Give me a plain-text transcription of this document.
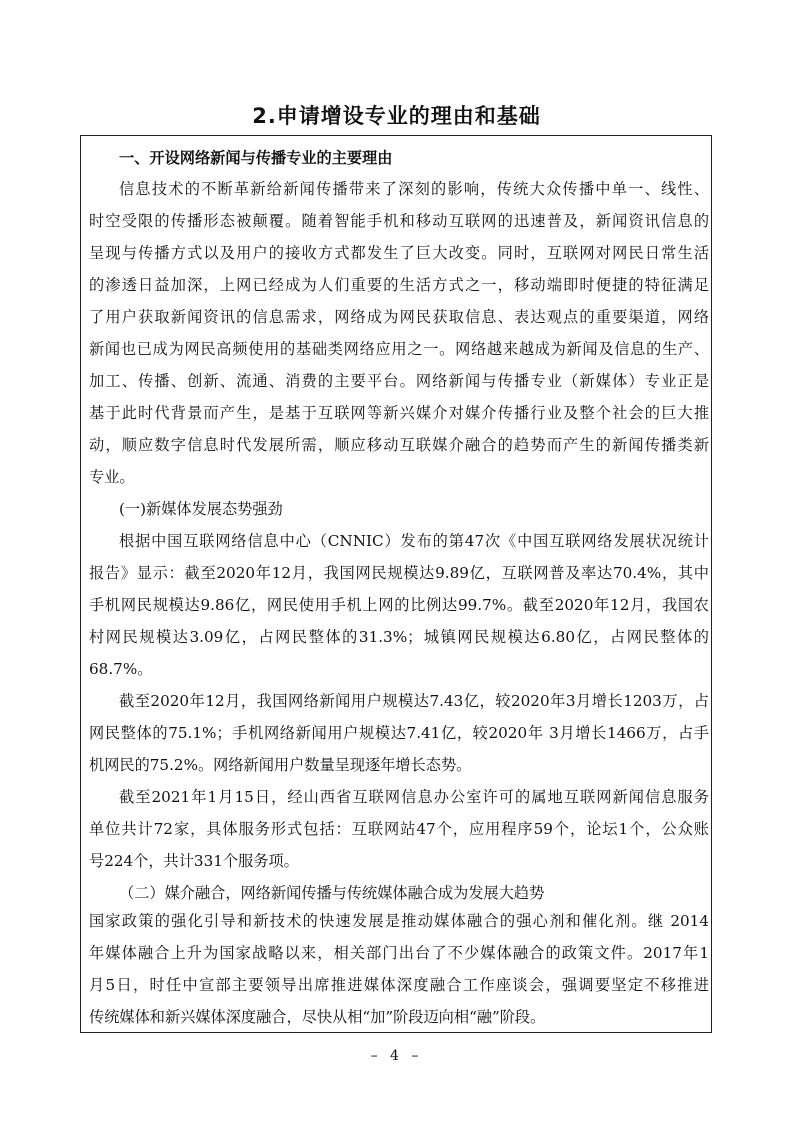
2.申请增设专业的理由和基础
一、开设网络新闻与传播专业的主要理由
信息技术的不断革新给新闻传播带来了深刻的影响，传统大众传播中单一、线性、
时空受限的传播形态被颠覆。随着智能手机和移动互联网的迅速普及，新闻资讯信息的
呈现与传播方式以及用户的接收方式都发生了巨大改变。同时，互联网对网民日常生活
的渗透日益加深，上网已经成为人们重要的生活方式之一，移动端即时便捷的特征满足
了用户获取新闻资讯的信息需求，网络成为网民获取信息、表达观点的重要渠道，网络
新闻也已成为网民高频使用的基础类网络应用之一。网络越来越成为新闻及信息的生产、
加工、传播、创新、流通、消费的主要平台。网络新闻与传播专业（新媒体）专业正是
基于此时代背景而产生，是基于互联网等新兴媒介对媒介传播行业及整个社会的巨大推
动，顺应数字信息时代发展所需，顺应移动互联媒介融合的趋势而产生的新闻传播类新
专业。
(一)新媒体发展态势强劲
根据中国互联网络信息中心（CNNIC）发布的第47次《中国互联网络发展状况统计
报告》显示：截至2020年12月，我国网民规模达9.89亿，互联网普及率达70.4%，其中
手机网民规模达9.86亿，网民使用手机上网的比例达99.7%。截至2020年12月，我国农
村网民规模达3.09亿，占网民整体的31.3%；城镇网民规模达6.80亿，占网民整体的
68.7%。
截至2020年12月，我国网络新闻用户规模达7.43亿，较2020年3月增长1203万，占
网民整体的75.1%；手机网络新闻用户规模达7.41亿，较2020年 3月增长1466万，占手
机网民的75.2%。网络新闻用户数量呈现逐年增长态势。
截至2021年1月15日，经山西省互联网信息办公室许可的属地互联网新闻信息服务
单位共计72家，具体服务形式包括：互联网站47个，应用程序59个，论坛1个，公众账
号224个，共计331个服务项。
（二）媒介融合，网络新闻传播与传统媒体融合成为发展大趋势
国家政策的强化引导和新技术的快速发展是推动媒体融合的强心剂和催化剂。继 2014
年媒体融合上升为国家战略以来，相关部门出台了不少媒体融合的政策文件。2017年1
月5日，时任中宣部主要领导出席推进媒体深度融合工作座谈会，强调要坚定不移推进
传统媒体和新兴媒体深度融合，尽快从相“加”阶段迈向相“融”阶段。
– 4 –
